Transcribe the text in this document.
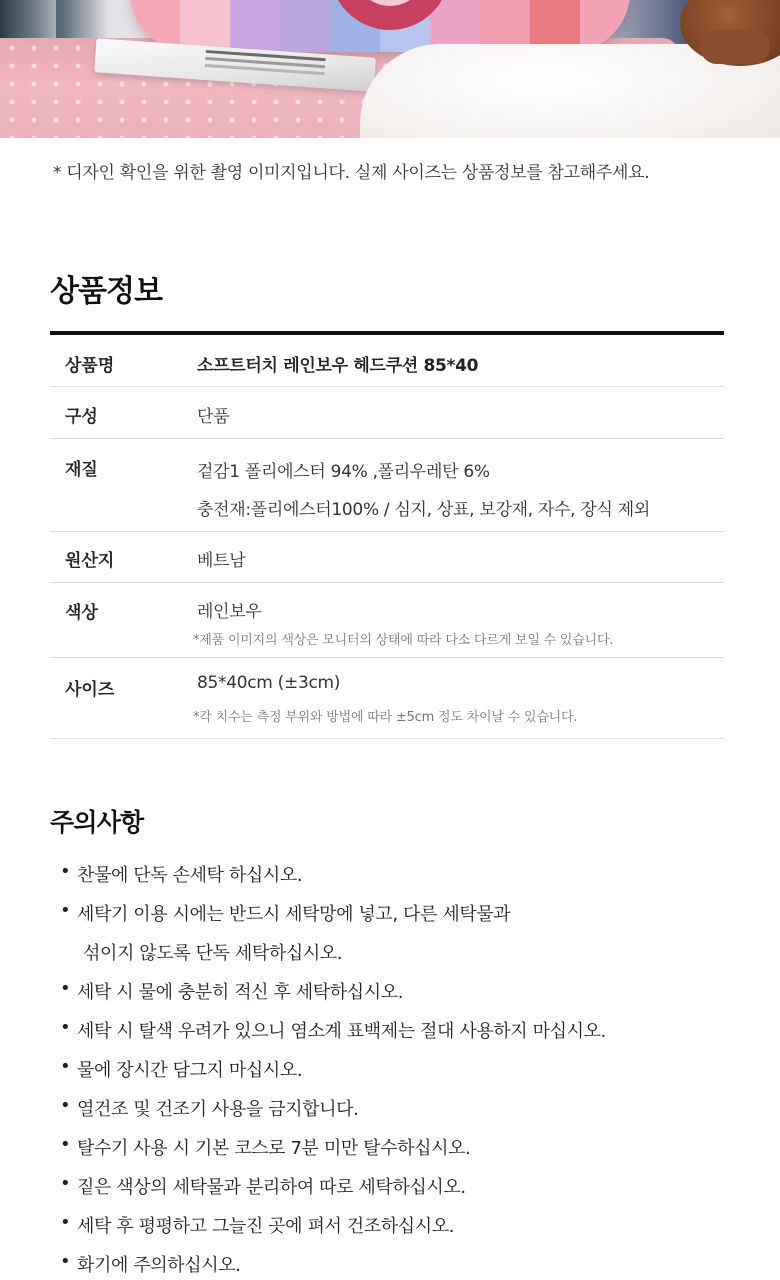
* 디자인 확인을 위한 촬영 이미지입니다. 실제 사이즈는 상품정보를 참고해주세요.

상품정보
상품명	소프트터치 레인보우 헤드쿠션 85*40
구성	단품
재질	겉감1 폴리에스터 94% ,폴리우레탄 6%
충전재:폴리에스터100% / 심지, 상표, 보강재, 자수, 장식 제외
원산지	베트남
색상	레인보우
*제품 이미지의 색상은 모니터의 상태에 따라 다소 다르게 보일 수 있습니다.
사이즈	85*40cm (±3cm)
*각 치수는 측정 부위와 방법에 따라 ±5cm 정도 차이날 수 있습니다.
주의사항
• 찬물에 단독 손세탁 하십시오.
• 세탁기 이용 시에는 반드시 세탁망에 넣고, 다른 세탁물과
섞이지 않도록 단독 세탁하십시오.
• 세탁 시 물에 충분히 적신 후 세탁하십시오.
• 세탁 시 탈색 우려가 있으니 염소계 표백제는 절대 사용하지 마십시오.
• 물에 장시간 담그지 마십시오.
• 열건조 및 건조기 사용을 금지합니다.
• 탈수기 사용 시 기본 코스로 7분 미만 탈수하십시오.
• 짙은 색상의 세탁물과 분리하여 따로 세탁하십시오.
• 세탁 후 평평하고 그늘진 곳에 펴서 건조하십시오.
• 화기에 주의하십시오.
